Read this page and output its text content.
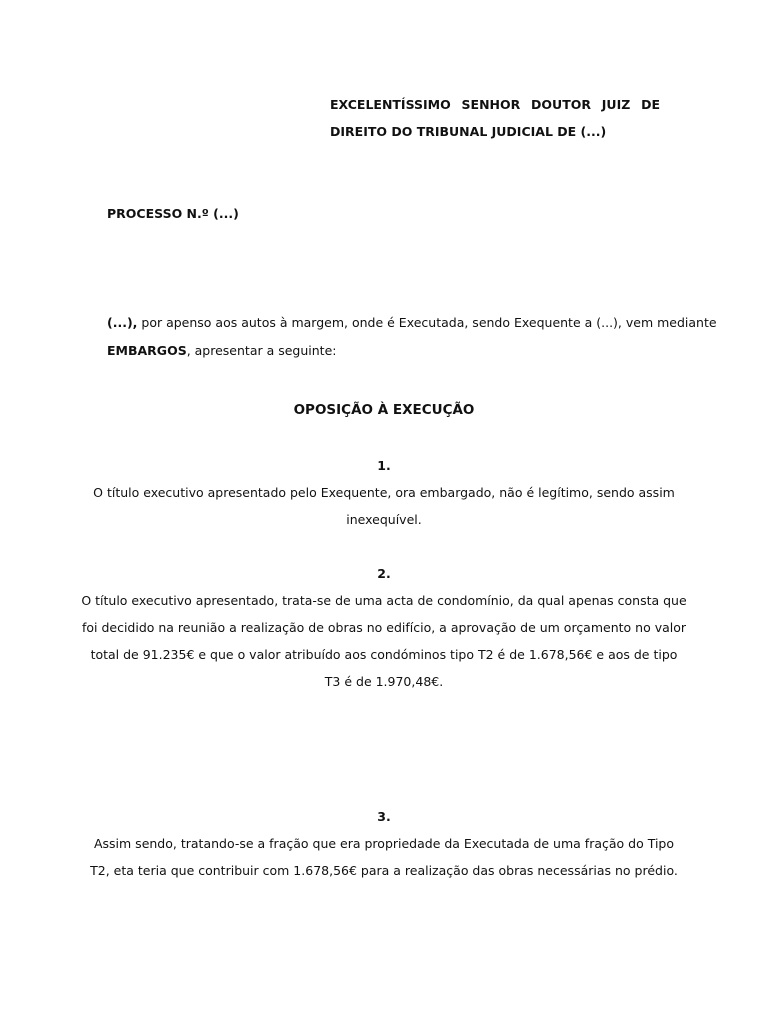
EXCELENTÍSSIMO SENHOR DOUTOR JUIZ DE
DIREITO DO TRIBUNAL JUDICIAL DE (...)
PROCESSO N.º (...)
(...), por apenso aos autos à margem, onde é Executada, sendo Exequente a (...), vem mediante
EMBARGOS, apresentar a seguinte:
OPOSIÇÃO À EXECUÇÃO
1.
O título executivo apresentado pelo Exequente, ora embargado, não é legítimo, sendo assim
inexequível.
2.
O título executivo apresentado, trata-se de uma acta de condomínio, da qual apenas consta que
foi decidido na reunião a realização de obras no edifício, a aprovação de um orçamento no valor
total de 91.235€ e que o valor atribuído aos condóminos tipo T2 é de 1.678,56€ e aos de tipo
T3 é de 1.970,48€.
3.
Assim sendo, tratando-se a fração que era propriedade da Executada de uma fração do Tipo
T2, eta teria que contribuir com 1.678,56€ para a realização das obras necessárias no prédio.
